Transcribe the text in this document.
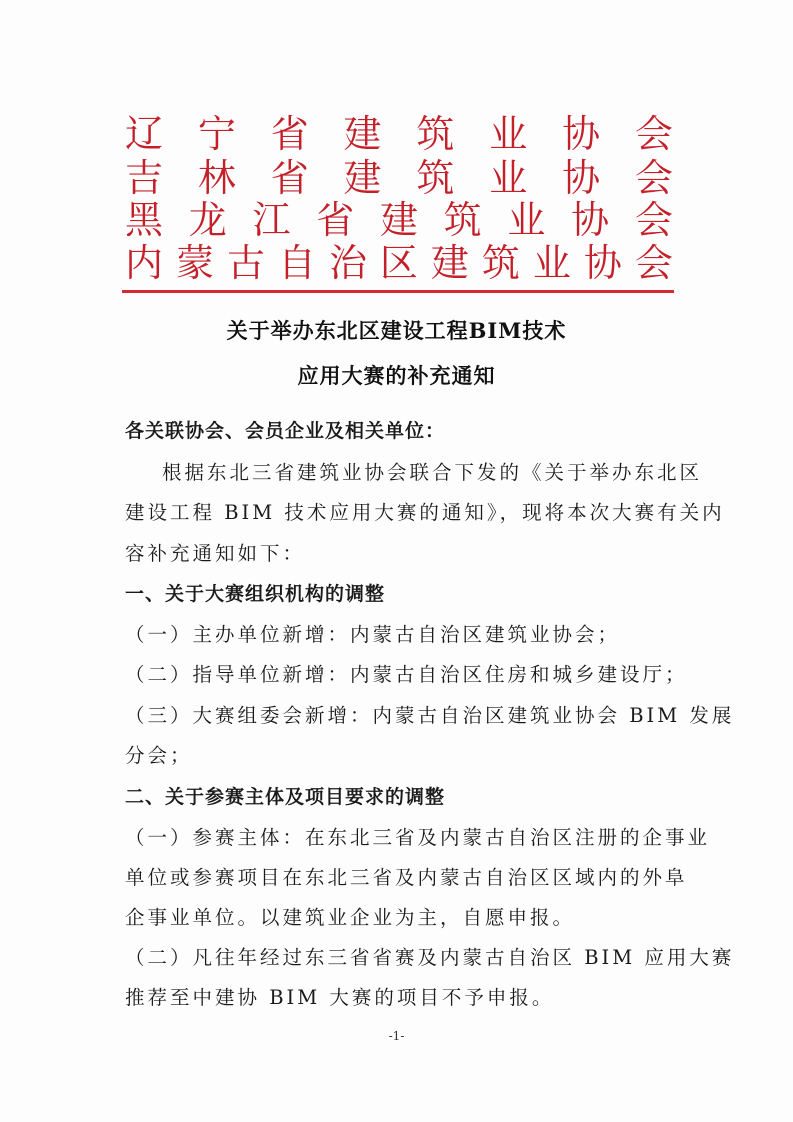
辽 宁 省 建 筑 业 协 会
吉 林 省 建 筑 业 协 会
黑 龙 江 省 建 筑 业 协 会
内 蒙 古 自 治 区 建 筑 业 协 会
关于举办东北区建设工程BIM技术
应用大赛的补充通知
各关联协会、会员企业及相关单位：
根据东北三省建筑业协会联合下发的《关于举办东北区
建设工程 BIM 技术应用大赛的通知》，现将本次大赛有关内
容补充通知如下：
一、关于大赛组织机构的调整
（一）主办单位新增：内蒙古自治区建筑业协会；
（二）指导单位新增：内蒙古自治区住房和城乡建设厅；
（三）大赛组委会新增：内蒙古自治区建筑业协会 BIM 发展
分会；
二、关于参赛主体及项目要求的调整
（一）参赛主体：在东北三省及内蒙古自治区注册的企事业
单位或参赛项目在东北三省及内蒙古自治区区域内的外阜
企事业单位。以建筑业企业为主，自愿申报。
（二）凡往年经过东三省省赛及内蒙古自治区 BIM 应用大赛
推荐至中建协 BIM 大赛的项目不予申报。
-1-
